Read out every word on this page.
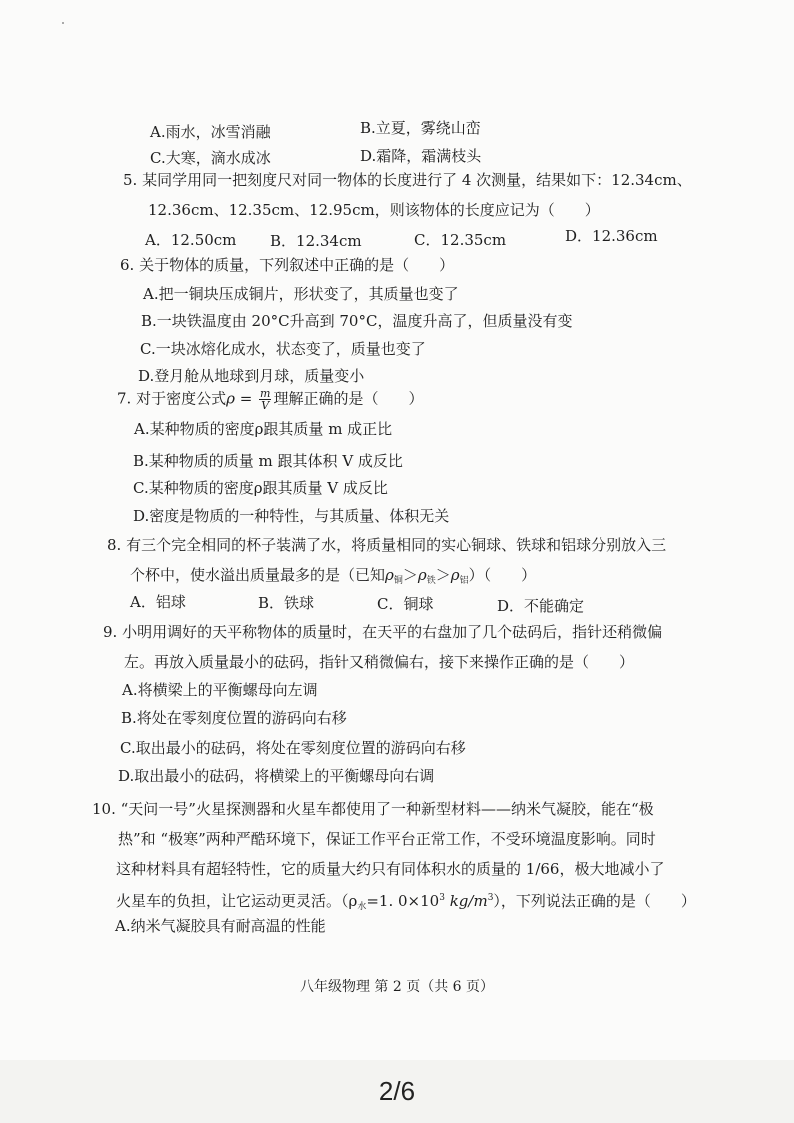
A.雨水，冰雪消融	B.立夏，雾绕山峦
C.大寒，滴水成冰	D.霜降，霜满枝头
5. 某同学用同一把刻度尺对同一物体的长度进行了 4 次测量，结果如下：12.34cm、
12.36cm、12.35cm、12.95cm，则该物体的长度应记为（　　）
A．12.50cm B．12.34cm	C．12.35cm	D．12.36cm
6. 关于物体的质量，下列叙述中正确的是（　　）
A.把一铜块压成铜片，形状变了，其质量也变了
B.一块铁温度由 20°C升高到 70°C，温度升高了，但质量没有变
C.一块冰熔化成水，状态变了，质量也变了
D.登月舱从地球到月球，质量变小
7. 对于密度公式$\rho = \frac{m}{V}$ 理解正确的是（　　）
A.某种物质的密度ρ跟其质量 m 成正比
B.某种物质的质量 m 跟其体积 V 成反比
C.某种物质的密度ρ跟其质量 V 成反比
D.密度是物质的一种特性，与其质量、体积无关
8. 有三个完全相同的杯子装满了水，将质量相同的实心铜球、铁球和铝球分别放入三
个杯中，使水溢出质量最多的是（已知$\rho_铜>\rho_铁>\rho_铝$）（　　）
A．铝球	B．铁球	C．铜球	D．不能确定
9. 小明用调好的天平称物体的质量时，在天平的右盘加了几个砝码后，指针还稍微偏
左。再放入质量最小的砝码，指针又稍微偏右，接下来操作正确的是（　　）
A.将横梁上的平衡螺母向左调
B.将处在零刻度位置的游码向右移
C.取出最小的砝码，将处在零刻度位置的游码向右移
D.取出最小的砝码，将横梁上的平衡螺母向右调
10. “天问一号”火星探测器和火星车都使用了一种新型材料——纳米气凝胶，能在“极
热”和 “极寒”两种严酷环境下，保证工作平台正常工作，不受环境温度影响。同时
这种材料具有超轻特性，它的质量大约只有同体积水的质量的 1/66，极大地减小了
火星车的负担，让它运动更灵活。（$\rho_水=1$. $0\times 10^3$ $kg/m^3$），下列说法正确的是（　　）
A.纳米气凝胶具有耐高温的性能
八年级物理 第 2 页（共 6 页）
2/6
